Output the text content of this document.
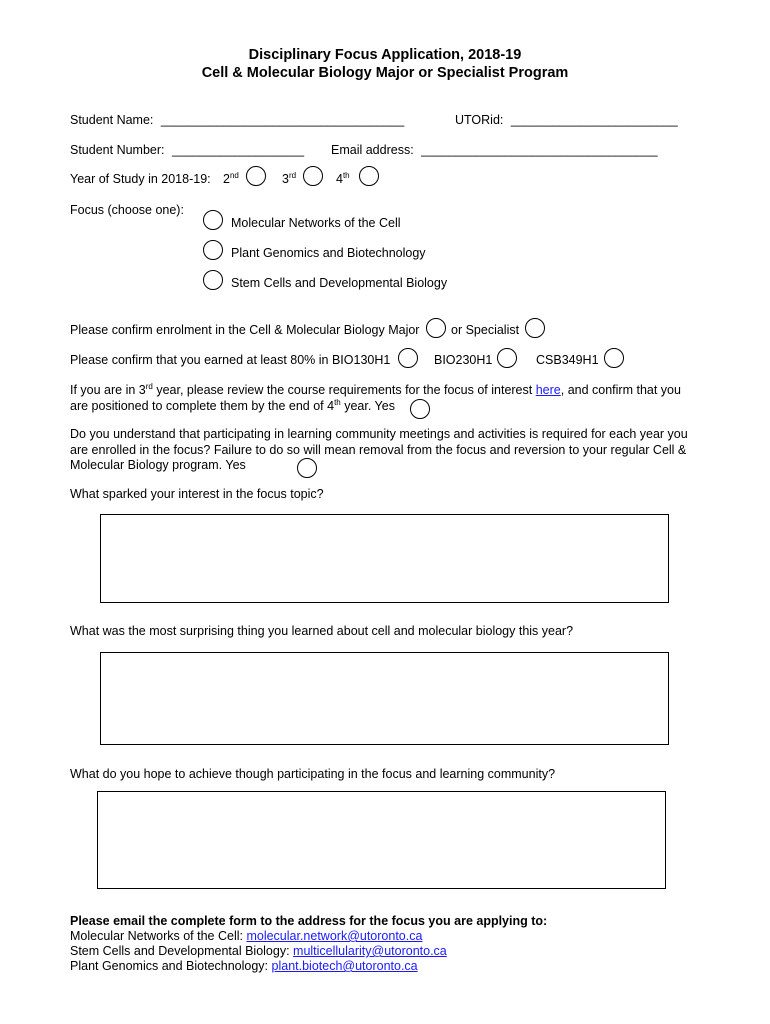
Disciplinary Focus Application, 2018-19
Cell & Molecular Biology Major or Specialist Program
Student Name: ___________________________________	UTORid: ________________________
Student Number: ___________________ Email address: __________________________________
Year of Study in 2018-19: 2nd	3rd	4th
Focus (choose one):
Molecular Networks of the Cell
Plant Genomics and Biotechnology
Stem Cells and Developmental Biology
Please confirm enrolment in the Cell & Molecular Biology Major	or Specialist
Please confirm that you earned at least 80% in BIO130H1	BIO230H1	CSB349H1
If you are in 3rd year, please review the course requirements for the focus of interest here, and confirm that you are positioned to complete them by the end of 4th year. Yes
Do you understand that participating in learning community meetings and activities is required for each year you are enrolled in the focus? Failure to do so will mean removal from the focus and reversion to your regular Cell & Molecular Biology program. Yes
What sparked your interest in the focus topic?
What was the most surprising thing you learned about cell and molecular biology this year?
What do you hope to achieve though participating in the focus and learning community?
Please email the complete form to the address for the focus you are applying to:
Molecular Networks of the Cell: molecular.network@utoronto.ca
Stem Cells and Developmental Biology: multicellularity@utoronto.ca
Plant Genomics and Biotechnology: plant.biotech@utoronto.ca
